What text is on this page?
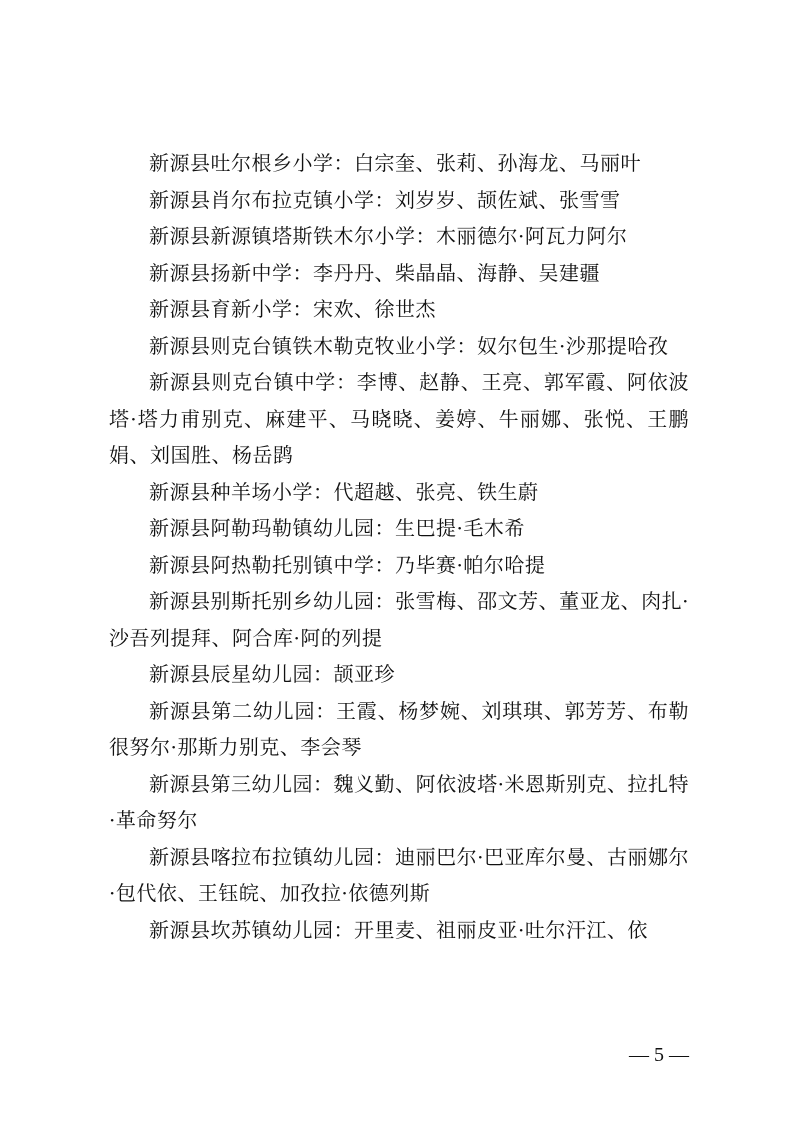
新源县吐尔根乡小学：白宗奎、张莉、孙海龙、马丽叶

新源县肖尔布拉克镇小学：刘岁岁、颉佐斌、张雪雪

新源县新源镇塔斯铁木尔小学：木丽德尔·阿瓦力阿尔

新源县扬新中学：李丹丹、柴晶晶、海静、吴建疆

新源县育新小学：宋欢、徐世杰

新源县则克台镇铁木勒克牧业小学：奴尔包生·沙那提哈孜

新源县则克台镇中学：李博、赵静、王亮、郭军霞、阿依波塔·塔力甫别克、麻建平、马晓晓、姜婷、牛丽娜、张悦、王鹏娟、刘国胜、杨岳鹍

新源县种羊场小学：代超越、张亮、铁生蔚

新源县阿勒玛勒镇幼儿园：生巴提·毛木希

新源县阿热勒托别镇中学：乃毕赛·帕尔哈提

新源县别斯托别乡幼儿园：张雪梅、邵文芳、董亚龙、肉扎·沙吾列提拜、阿合库·阿的列提

新源县辰星幼儿园：颉亚珍

新源县第二幼儿园：王霞、杨梦婉、刘琪琪、郭芳芳、布勒很努尔·那斯力别克、李会琴

新源县第三幼儿园：魏义勤、阿依波塔·米恩斯别克、拉扎特·革命努尔

新源县喀拉布拉镇幼儿园：迪丽巴尔·巴亚库尔曼、古丽娜尔·包代依、王钰皖、加孜拉·依德列斯

新源县坎苏镇幼儿园：开里麦、祖丽皮亚·吐尔汗江、依

— 5 —
